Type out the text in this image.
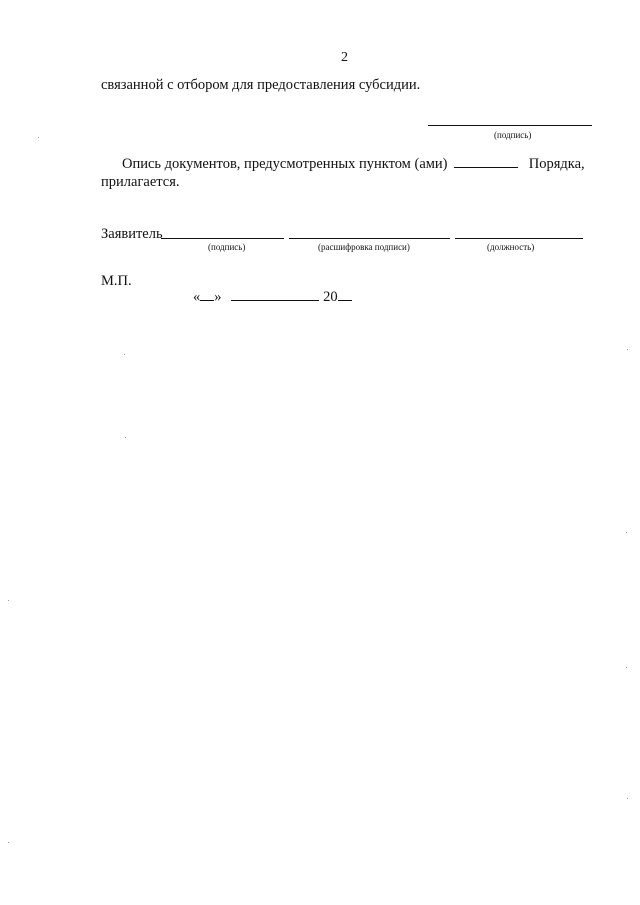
2
связанной с отбором для предоставления субсидии.
(подпись)
Опись документов, предусмотренных пунктом (ами)	Порядка,
прилагается.
Заявитель
(подпись)	(расшифровка подписи)	(должность)
М.П.
« »	20
